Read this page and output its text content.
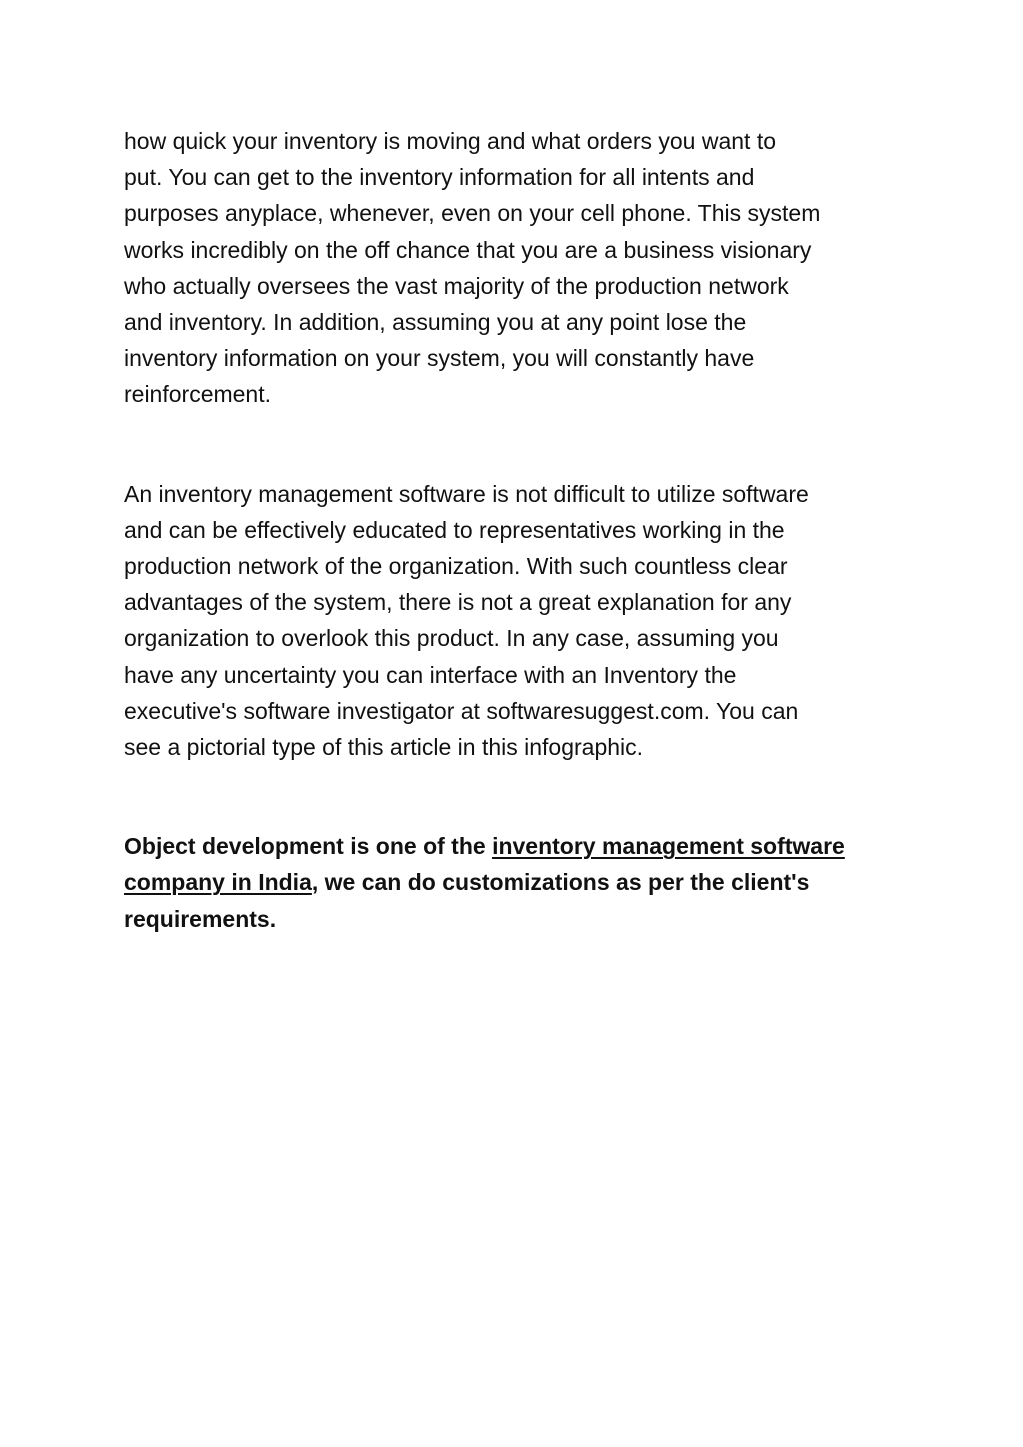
how quick your inventory is moving and what orders you want to
put. You can get to the inventory information for all intents and
purposes anyplace, whenever, even on your cell phone. This system
works incredibly on the off chance that you are a business visionary
who actually oversees the vast majority of the production network
and inventory. In addition, assuming you at any point lose the
inventory information on your system, you will constantly have
reinforcement.

An inventory management software is not difficult to utilize software
and can be effectively educated to representatives working in the
production network of the organization. With such countless clear
advantages of the system, there is not a great explanation for any
organization to overlook this product. In any case, assuming you
have any uncertainty you can interface with an Inventory the
executive's software investigator at softwaresuggest.com. You can
see a pictorial type of this article in this infographic.

Object development is one of the inventory management software
company in India, we can do customizations as per the client's
requirements.
